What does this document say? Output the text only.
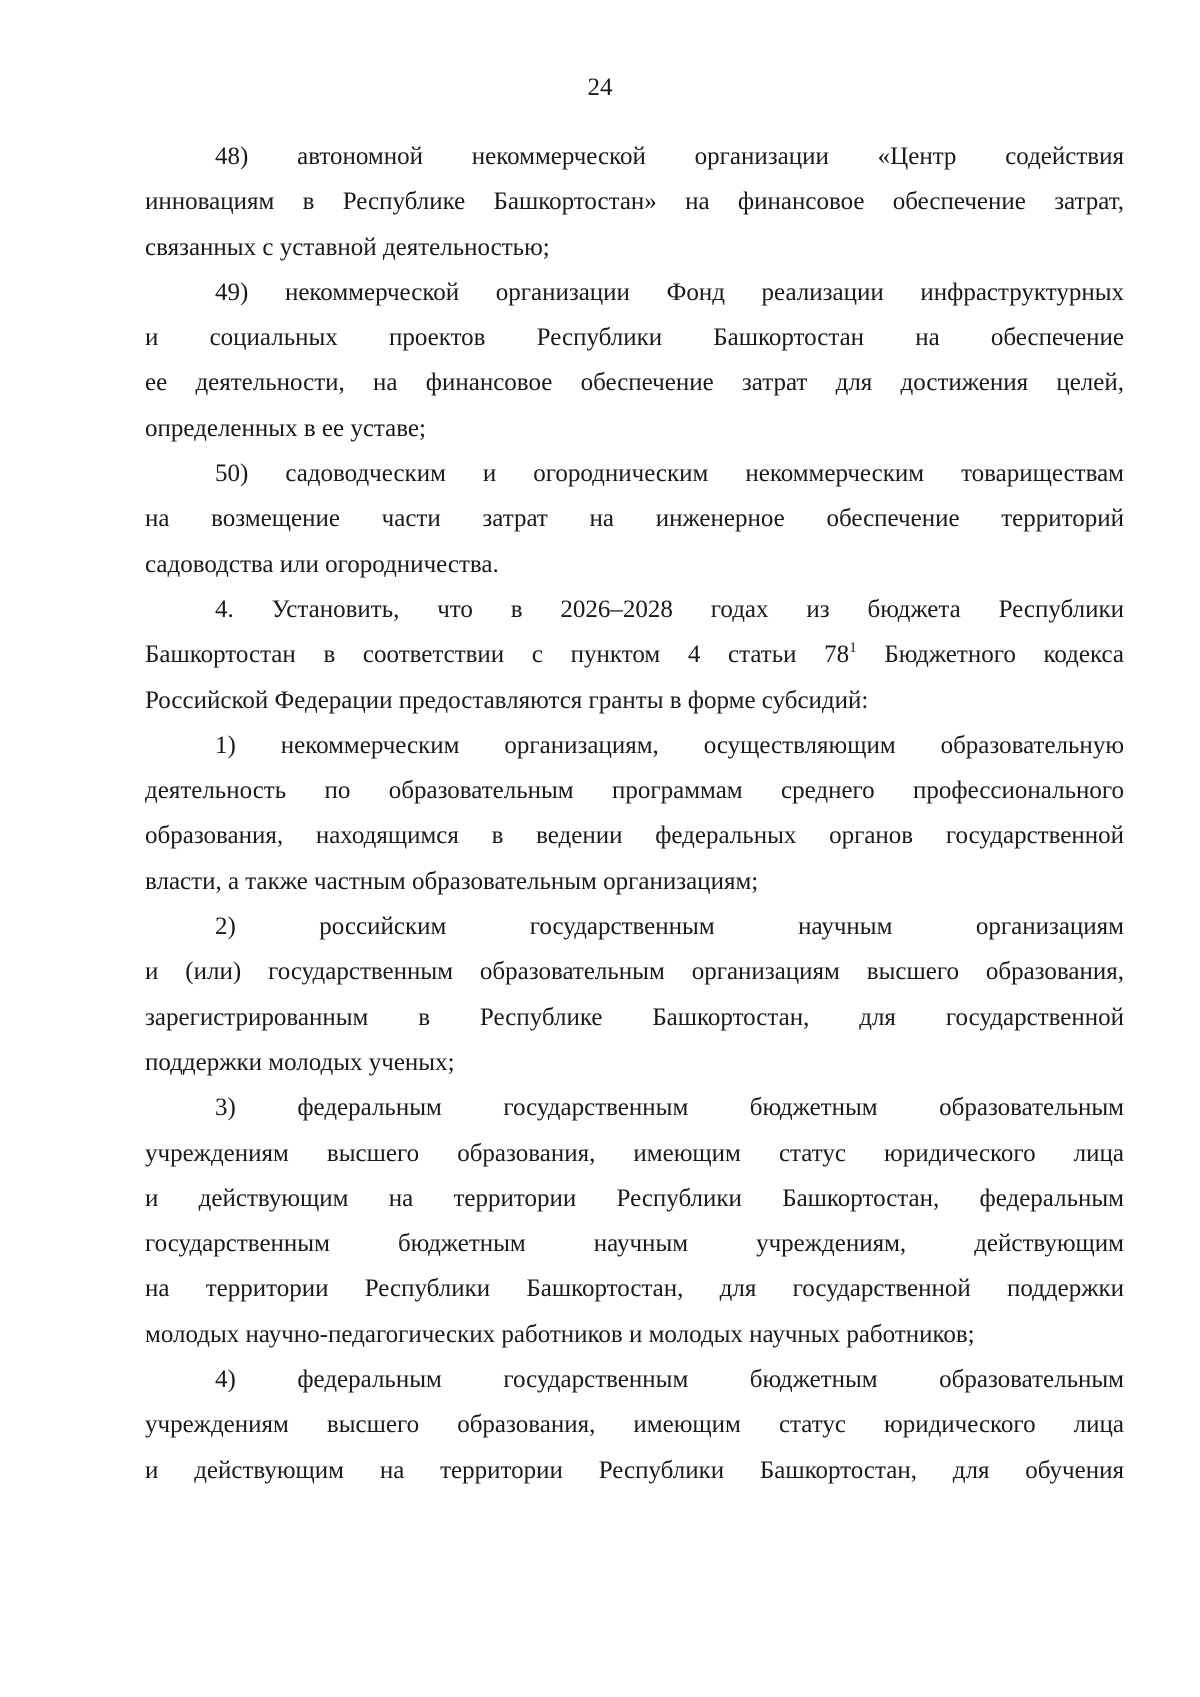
24

48) автономной некоммерческой организации «Центр содействия
инновациям в Республике Башкортостан» на финансовое обеспечение затрат,

связанных с уставной деятельностью;

49) некоммерческой организации Фонд реализации инфраструктурных
и социальных проектов Республики Башкортостан на обеспечение
ее деятельности, на финансовое обеспечение затрат для достижения целей,

определенных в ее уставе;

50) садоводческим и огородническим некоммерческим товариществам
на возмещение части затрат на инженерное обеспечение территорий

садоводства или огородничества.

4. Установить, что в 2026–2028 годах из бюджета Республики
Башкортостан в соответствии с пунктом 4 статьи $78^1$ Бюджетного кодекса

Российской Федерации предоставляются гранты в форме субсидий:

1) некоммерческим организациям, осуществляющим образовательную
деятельность по образовательным программам среднего профессионального
образования, находящимся в ведении федеральных органов государственной

власти, а также частным образовательным организациям;

2) российским государственным научным организациям
и (или) государственным образовательным организациям высшего образования,
зарегистрированным в Республике Башкортостан, для государственной

поддержки молодых ученых;

3) федеральным государственным бюджетным образовательным
учреждениям высшего образования, имеющим статус юридического лица
и действующим на территории Республики Башкортостан, федеральным
государственным бюджетным научным учреждениям, действующим
на территории Республики Башкортостан, для государственной поддержки

молодых научно-педагогических работников и молодых научных работников;

4) федеральным государственным бюджетным образовательным
учреждениям высшего образования, имеющим статус юридического лица
и действующим на территории Республики Башкортостан, для обучения
